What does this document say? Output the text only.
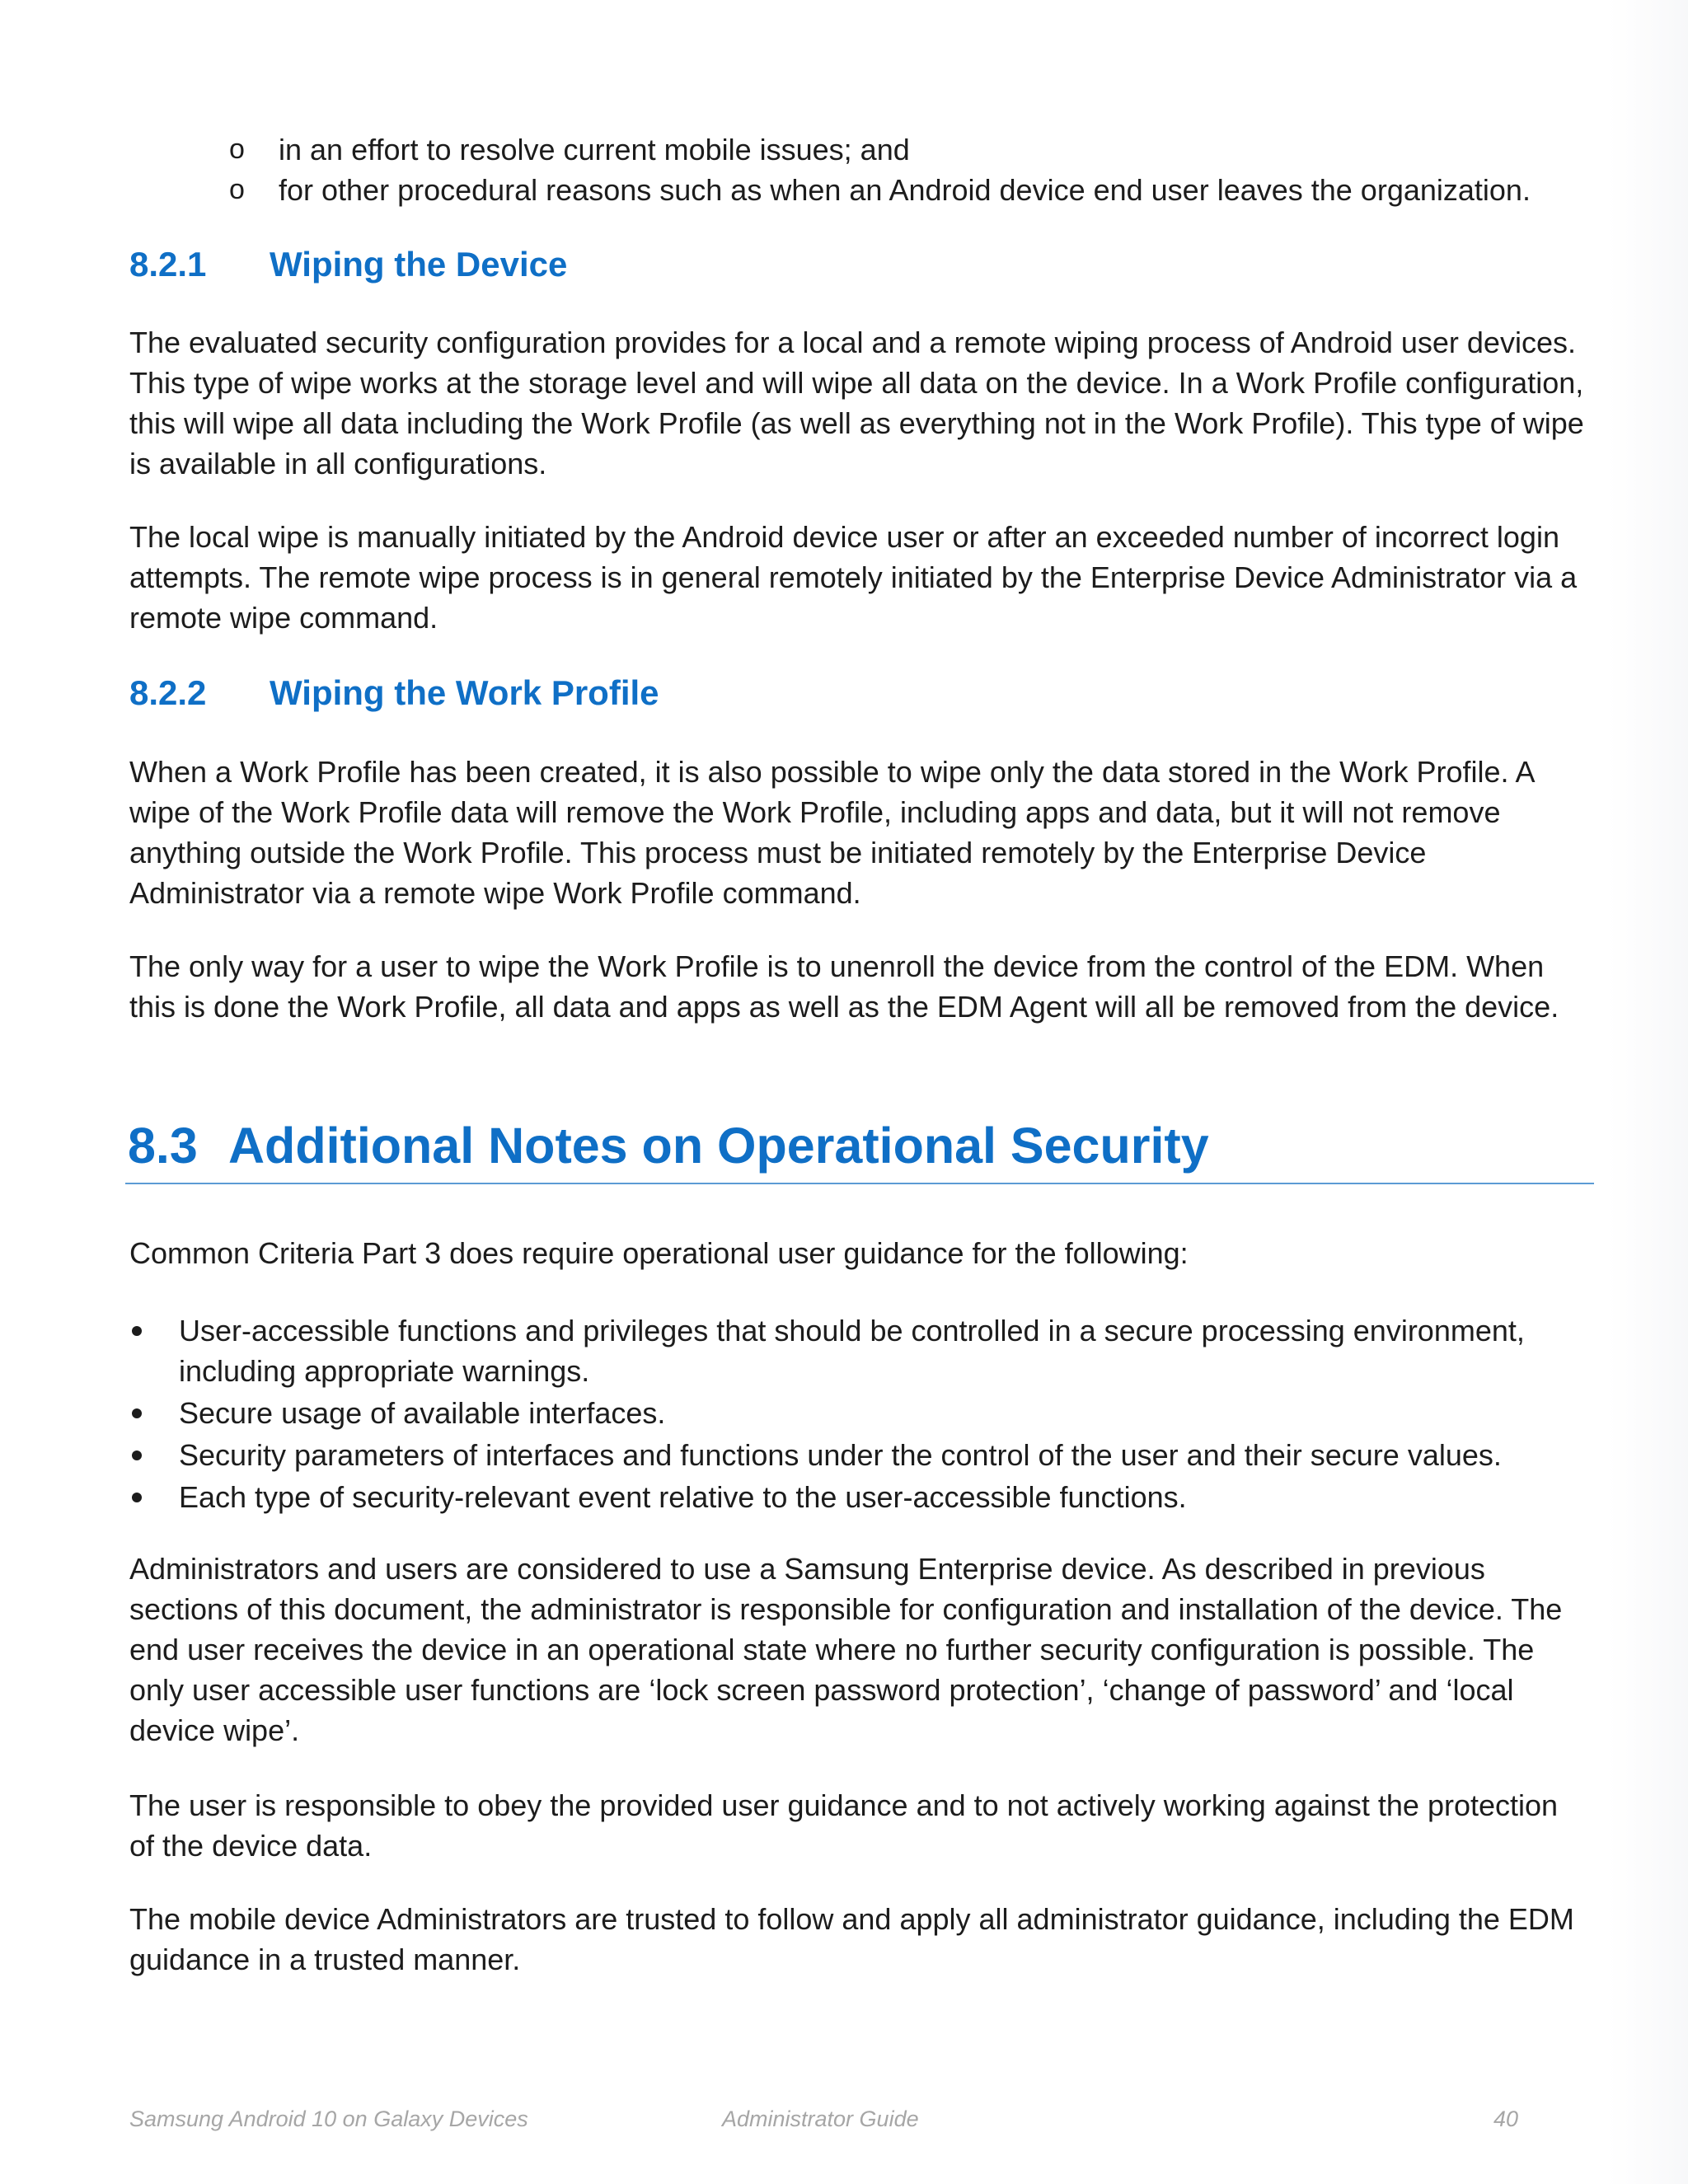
o in an effort to resolve current mobile issues; and
o for other procedural reasons such as when an Android device end user leaves the organization.
8.2.1 Wiping the Device
The evaluated security configuration provides for a local and a remote wiping process of Android user devices. This type of wipe works at the storage level and will wipe all data on the device. In a Work Profile configuration, this will wipe all data including the Work Profile (as well as everything not in the Work Profile). This type of wipe is available in all configurations.
The local wipe is manually initiated by the Android device user or after an exceeded number of incorrect login attempts. The remote wipe process is in general remotely initiated by the Enterprise Device Administrator via a remote wipe command.
8.2.2 Wiping the Work Profile
When a Work Profile has been created, it is also possible to wipe only the data stored in the Work Profile. A wipe of the Work Profile data will remove the Work Profile, including apps and data, but it will not remove anything outside the Work Profile. This process must be initiated remotely by the Enterprise Device Administrator via a remote wipe Work Profile command.
The only way for a user to wipe the Work Profile is to unenroll the device from the control of the EDM. When this is done the Work Profile, all data and apps as well as the EDM Agent will all be removed from the device.
8.3 Additional Notes on Operational Security
Common Criteria Part 3 does require operational user guidance for the following:
User-accessible functions and privileges that should be controlled in a secure processing environment, including appropriate warnings.
Secure usage of available interfaces.
Security parameters of interfaces and functions under the control of the user and their secure values.
Each type of security-relevant event relative to the user-accessible functions.
Administrators and users are considered to use a Samsung Enterprise device. As described in previous sections of this document, the administrator is responsible for configuration and installation of the device. The end user receives the device in an operational state where no further security configuration is possible. The only user accessible user functions are ‘lock screen password protection’, ‘change of password’ and ‘local device wipe’.
The user is responsible to obey the provided user guidance and to not actively working against the protection of the device data.
The mobile device Administrators are trusted to follow and apply all administrator guidance, including the EDM guidance in a trusted manner.
Samsung Android 10 on Galaxy Devices	Administrator Guide	40
